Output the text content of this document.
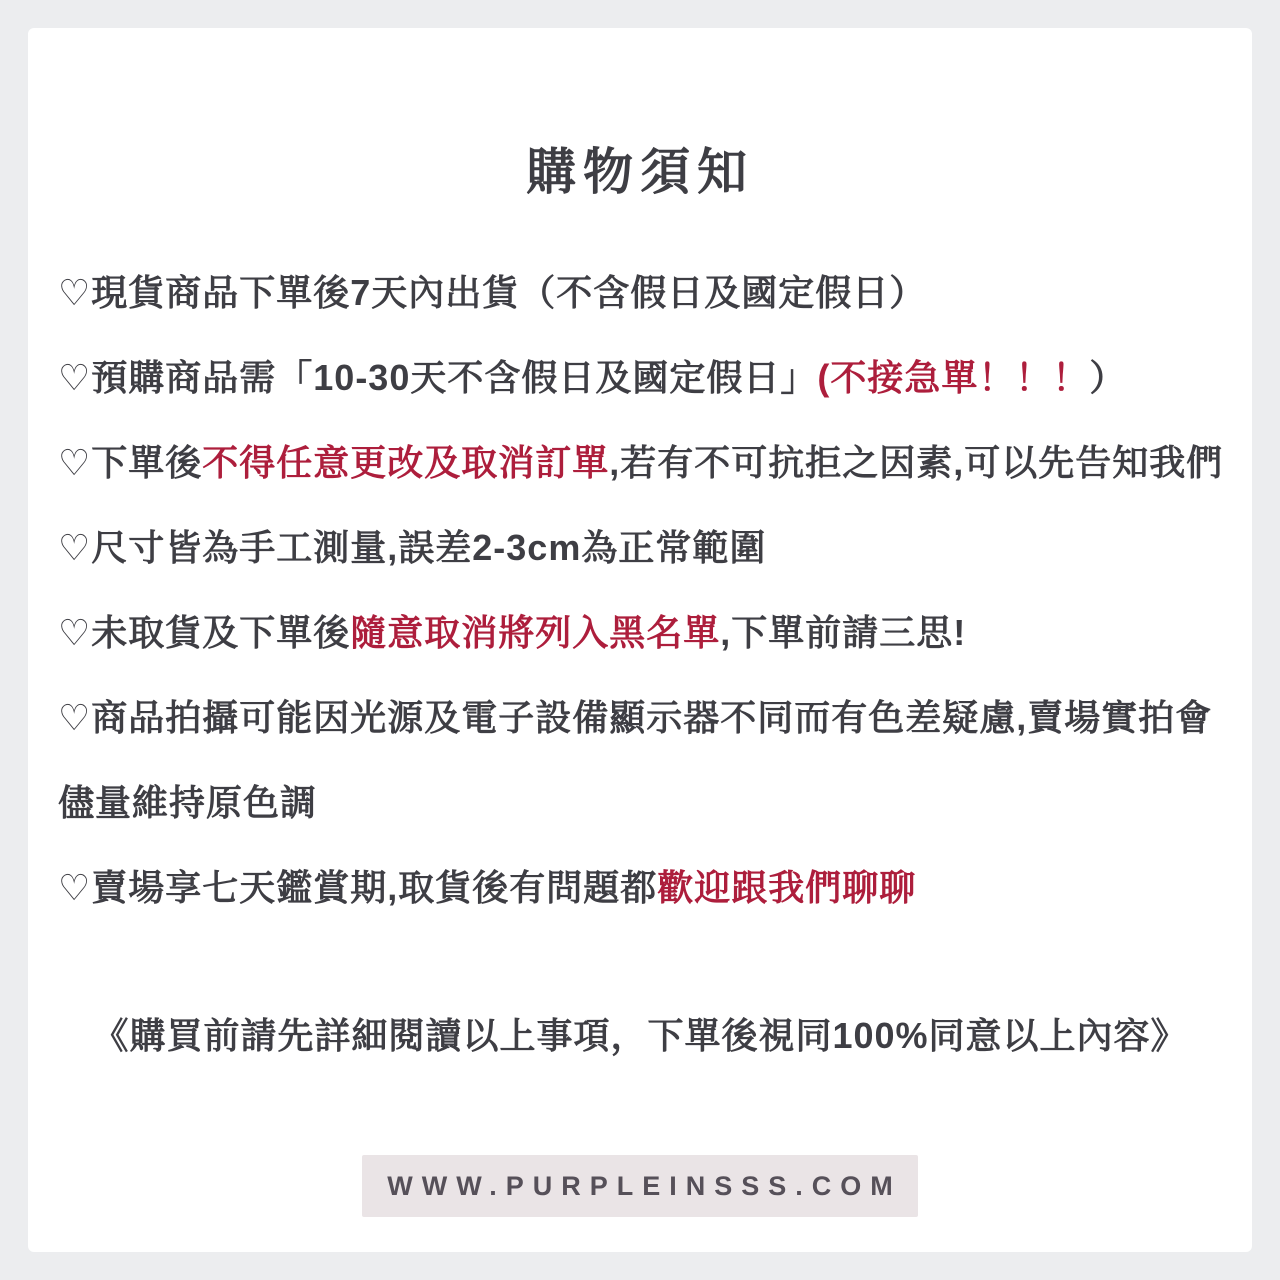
購物須知

♡現貨商品下單後7天內出貨（不含假日及國定假日）

♡預購商品需「10-30天不含假日及國定假日」(不接急單！！！）

♡下單後不得任意更改及取消訂單,若有不可抗拒之因素,可以先告知我們

♡尺寸皆為手工測量,誤差2-3cm為正常範圍

♡未取貨及下單後隨意取消將列入黑名單,下單前請三思!

♡商品拍攝可能因光源及電子設備顯示器不同而有色差疑慮,賣場實拍會

儘量維持原色調

♡賣場享七天鑑賞期,取貨後有問題都歡迎跟我們聊聊

《購買前請先詳細閱讀以上事項，下單後視同100%同意以上內容》

WWW.PURPLEINSSS.COM
